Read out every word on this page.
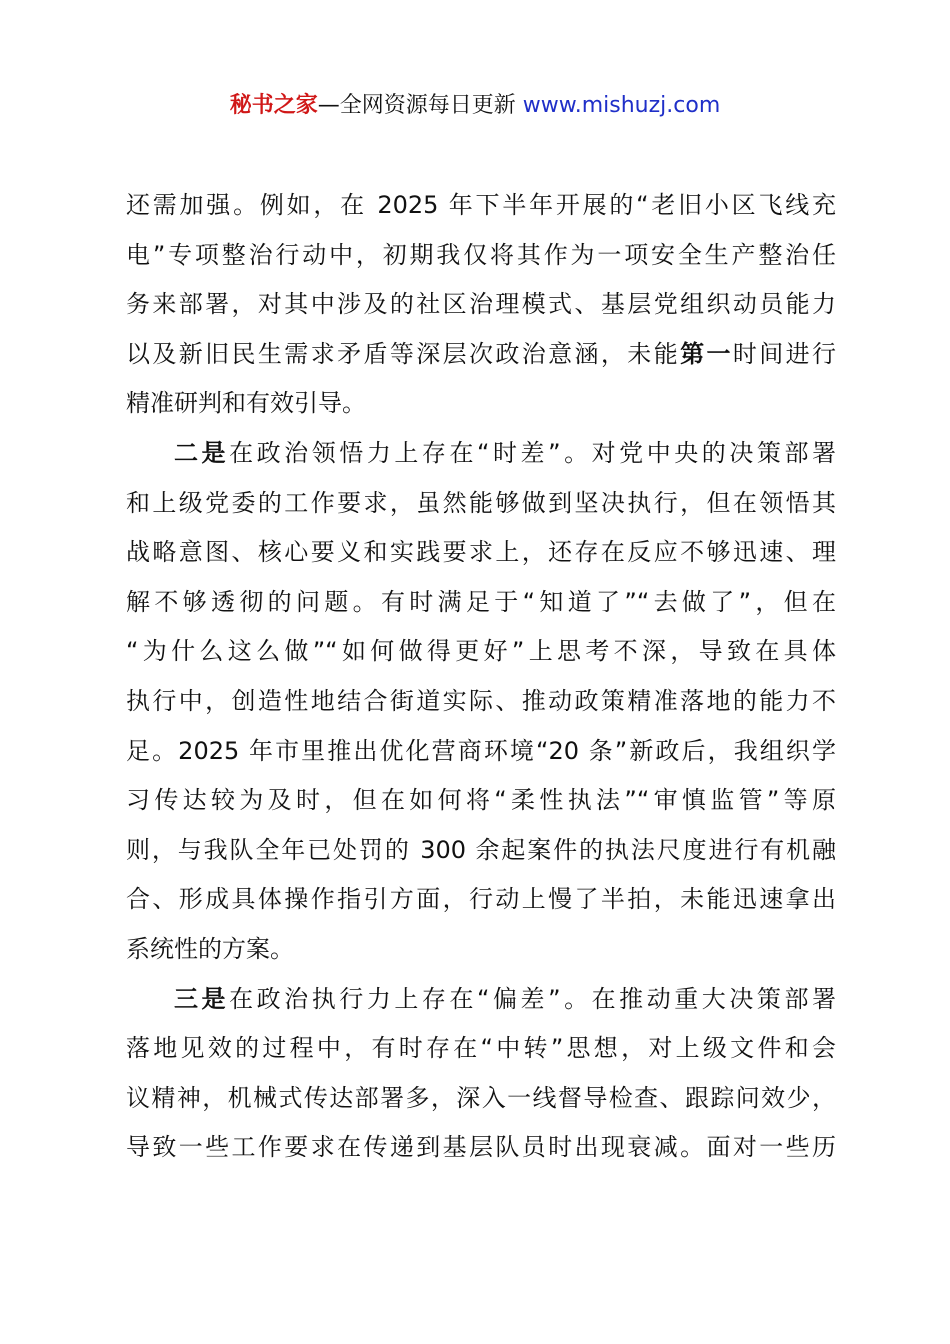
秘书之家—全网资源每日更新 www.mishuzj.com

还需加强。例如，在 2025 年下半年开展的“老旧小区飞线充
电”专项整治行动中，初期我仅将其作为一项安全生产整治任
务来部署，对其中涉及的社区治理模式、基层党组织动员能力
以及新旧民生需求矛盾等深层次政治意涵，未能第一时间进行
精准研判和有效引导。

二是在政治领悟力上存在“时差”。对党中央的决策部署
和上级党委的工作要求，虽然能够做到坚决执行，但在领悟其
战略意图、核心要义和实践要求上，还存在反应不够迅速、理
解不够透彻的问题。有时满足于“知道了”“去做了”，但在
“为什么这么做”“如何做得更好”上思考不深，导致在具体
执行中，创造性地结合街道实际、推动政策精准落地的能力不
足。2025 年市里推出优化营商环境“20 条”新政后，我组织学
习传达较为及时，但在如何将“柔性执法”“审慎监管”等原
则，与我队全年已处罚的 300 余起案件的执法尺度进行有机融
合、形成具体操作指引方面，行动上慢了半拍，未能迅速拿出
系统性的方案。

三是在政治执行力上存在“偏差”。在推动重大决策部署
落地见效的过程中，有时存在“中转”思想，对上级文件和会
议精神，机械式传达部署多，深入一线督导检查、跟踪问效少，
导致一些工作要求在传递到基层队员时出现衰减。面对一些历
